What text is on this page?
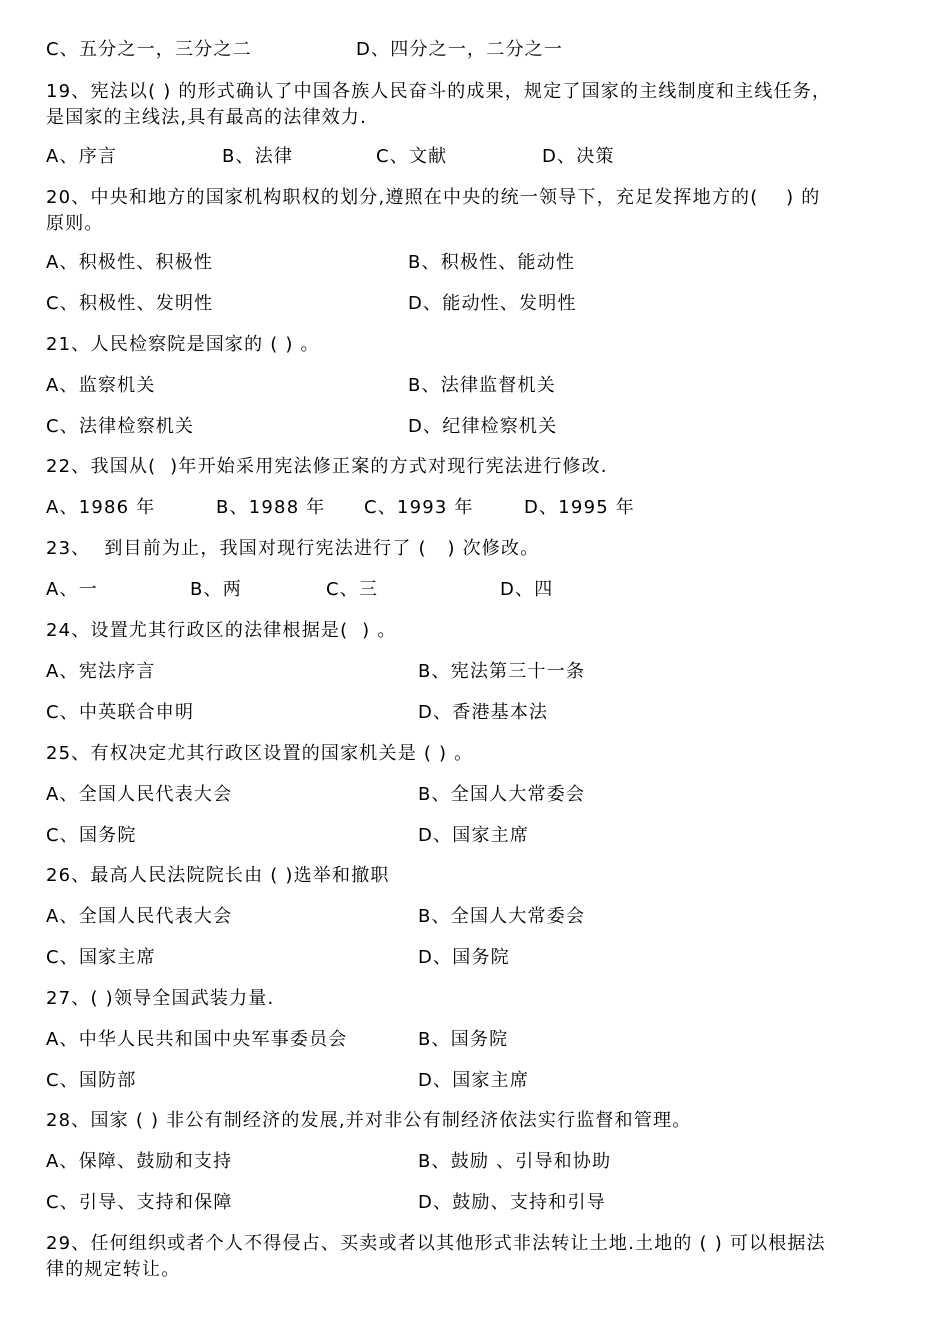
C、五分之一，三分之二	D、四分之一，二分之一
19、宪法以( ) 的形式确认了中国各族人民奋斗的成果，规定了国家的主线制度和主线任务，
是国家的主线法,具有最高的法律效力.
A、序言	B、法律	C、文献	D、决策
20、中央和地方的国家机构职权的划分,遵照在中央的统一领导下，充足发挥地方的(    ) 的
原则。
A、积极性、积极性	B、积极性、能动性
C、积极性、发明性	D、能动性、发明性
21、人民检察院是国家的 ( ) 。
A、监察机关	B、法律监督机关
C、法律检察机关	D、纪律检察机关
22、我国从(  )年开始采用宪法修正案的方式对现行宪法进行修改.
A、1986 年	B、1988 年 C、1993 年	D、1995 年
23、  到目前为止，我国对现行宪法进行了 (   ) 次修改。
A、一	B、两	C、三	D、四
24、设置尤其行政区的法律根据是(  ) 。
A、宪法序言	B、宪法第三十一条
C、中英联合申明	D、香港基本法
25、有权决定尤其行政区设置的国家机关是 ( ) 。
A、全国人民代表大会	B、全国人大常委会
C、国务院	D、国家主席
26、最高人民法院院长由 ( )选举和撤职
A、全国人民代表大会	B、全国人大常委会
C、国家主席	D、国务院
27、( )领导全国武装力量.
A、中华人民共和国中央军事委员会	B、国务院
C、国防部	D、国家主席
28、国家 ( ) 非公有制经济的发展,并对非公有制经济依法实行监督和管理。
A、保障、鼓励和支持	B、鼓励 、引导和协助
C、引导、支持和保障	D、鼓励、支持和引导
29、任何组织或者个人不得侵占、买卖或者以其他形式非法转让土地.土地的 ( ) 可以根据法
律的规定转让。
